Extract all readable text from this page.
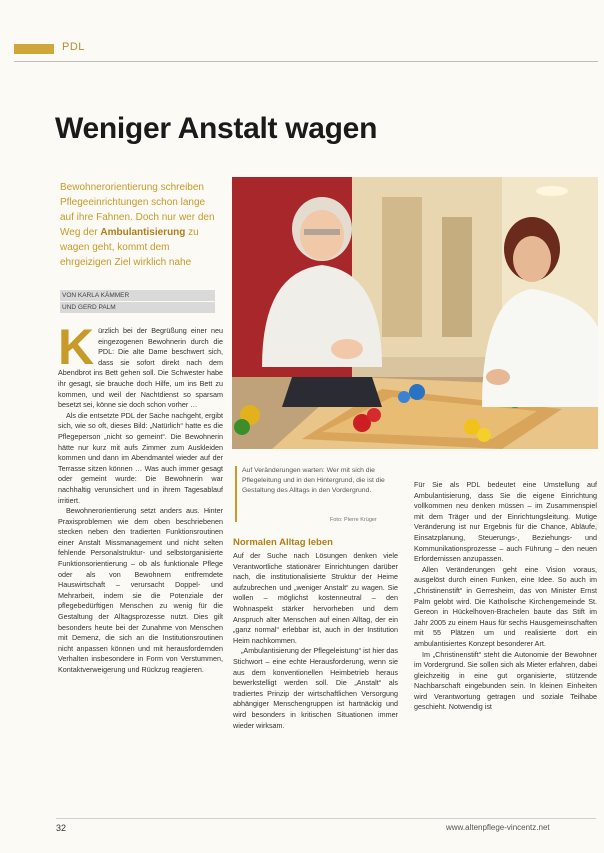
PDL
Weniger Anstalt wagen
Bewohnerorientierung schreiben Pflegeeinrichtungen schon lange auf ihre Fahnen. Doch nur wer den Weg der Ambulantisierung zu wagen geht, kommt dem ehrgeizigen Ziel wirklich nahe
VON KARLA KÄMMER
UND GERD PALM

Kürzlich bei der Begrüßung einer neu eingezogenen Bewohnerin durch die PDL: Die alte Dame beschwert sich, dass sie sofort direkt nach dem Abendbrot ins Bett gehen soll. Die Schwester habe ihr gesagt, sie brauche doch Hilfe, um ins Bett zu kommen, und weil der Nachtdienst so sparsam besetzt sei, könne sie doch schon vorher …

Als die entsetzte PDL der Sache nachgeht, ergibt sich, wie so oft, dieses Bild: „Natürlich“ hatte es die Pflegeperson „nicht so gemeint“. Die Bewohnerin hätte nur kurz mit aufs Zimmer zum Auskleiden kommen und dann im Abendmantel wieder auf der Terrasse sitzen können … Was auch immer gesagt oder gemeint wurde: Die Bewohnerin war nachhaltig verunsichert und in ihrem Tagesablauf irritiert.

Bewohnerorientierung setzt anders aus. Hinter Praxisproblemen wie dem oben beschriebenen stecken neben den tradierten Funktionsroutinen einer Anstalt Missmanagement und nicht selten fehlende Personalstruktur- und selbstorganisierte Funktionsorientierung – ob als funktionale Pflege oder als von Bewohnern entfremdete Hauswirtschaft – verursacht Doppel- und Mehrarbeit, indem sie die Potenziale der pflegebedürftigen Menschen zu wenig für die Gestaltung der Alltagsprozesse nutzt. Dies gilt besonders heute bei der Zunahme von Menschen mit Demenz, die sich an die Institutionsroutinen nicht anpassen können und mit herausfordernden Verhalten insbesondere in Form von Verstummen, Kontaktverweigerung und Rückzug reagieren.

Auf Veränderungen warten: Wer mit sich die Pflegeleitung und in den Hintergrund, die ist die Gestaltung des Alltags in den Vordergrund.
Foto: Pierre Krüger
Normalen Alltag leben

Auf der Suche nach Lösungen denken viele Verantwortliche stationärer Einrichtungen darüber nach, die institutionalisierte Struktur der Heime aufzubrechen und „weniger Anstalt“ zu wagen. Sie wollen – möglichst kostenneutral – den Wohnaspekt stärker hervorheben und dem Anspruch alter Menschen auf einen Alltag, der ein „ganz normal“ erlebbar ist, auch in der Institution Heim nachkommen.

„Ambulantisierung der Pflegeleistung“ ist hier das Stichwort – eine echte Herausforderung, wenn sie aus dem konventionellen Heimbetrieb heraus bewerkstelligt werden soll. Die „Anstalt“ als tradiertes Prinzip der wirtschaftlichen Versorgung abhängiger Menschengruppen ist hartnäckig und wird besonders in kritischen Situationen immer wieder wirksam.

Für Sie als PDL bedeutet eine Umstellung auf Ambulantisierung, dass Sie die eigene Einrichtung vollkommen neu denken müssen – im Zusammenspiel mit dem Träger und der Einrichtungsleitung. Mutige Veränderung ist nur Ergebnis für die Chance, Abläufe, Einsatzplanung, Steuerungs-, Beziehungs- und Kommunikationsprozesse – auch Führung – den neuen Erfordernissen anzupassen.

Allen Veränderungen geht eine Vision voraus, ausgelöst durch einen Funken, eine Idee. So auch im „Christinenstift“ in Gerresheim, das von Minister Ernst Palm gelobt wird. Die Katholische Kirchengemeinde St. Gereon in Hückelhoven-Brachelen baute das Stift im Jahr 2005 zu einem Haus für sechs Hausgemeinschaften mit 55 Plätzen um und realisierte dort ein ambulantisiertes Konzept besonderer Art.

Im „Christinenstift“ steht die Autonomie der Bewohner im Vordergrund. Sie sollen sich als Mieter erfahren, dabei gleichzeitig in eine gut organisierte, stützende Nachbarschaft eingebunden sein. In kleinen Einheiten wird Verantwortung getragen und soziale Teilhabe geschieht. Notwendig ist

32	www.altenpflege-vincentz.net
